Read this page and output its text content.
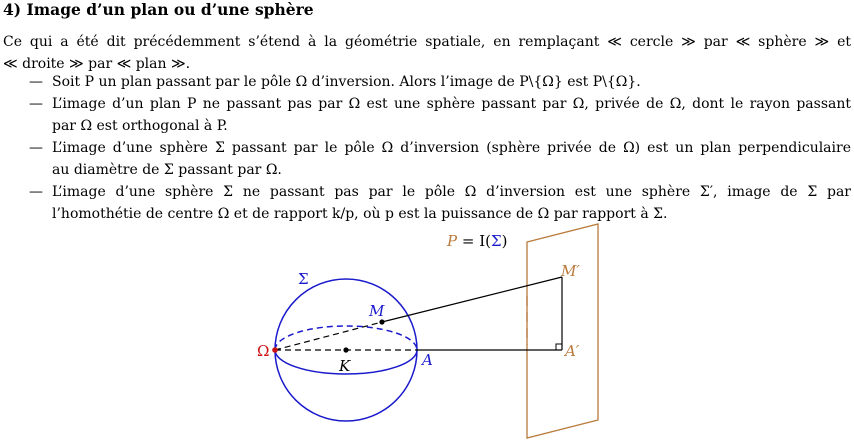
4) Image d’un plan ou d’une sphère

Ce qui a été dit précédemment s’étend à la géométrie spatiale, en remplaçant ≪ cercle ≫ par ≪ sphère ≫ et
≪ droite ≫ par ≪ plan ≫.

— Soit P un plan passant par le pôle Ω d’inversion. Alors l’image de P\{Ω} est P\{Ω}.
— L’image d’un plan P ne passant pas par Ω est une sphère passant par Ω, privée de Ω, dont le rayon passant
par Ω est orthogonal à P.
— L’image d’une sphère Σ passant par le pôle Ω d’inversion (sphère privée de Ω) est un plan perpendiculaire
au diamètre de Σ passant par Ω.
— L’image d’une sphère Σ ne passant pas par le pôle Ω d’inversion est une sphère Σ′, image de Σ par
l’homothétie de centre Ω et de rapport k/p, où p est la puissance de Ω par rapport à Σ.
P = I(Σ)
Σ
M
M′
Ω
K	A	A′
